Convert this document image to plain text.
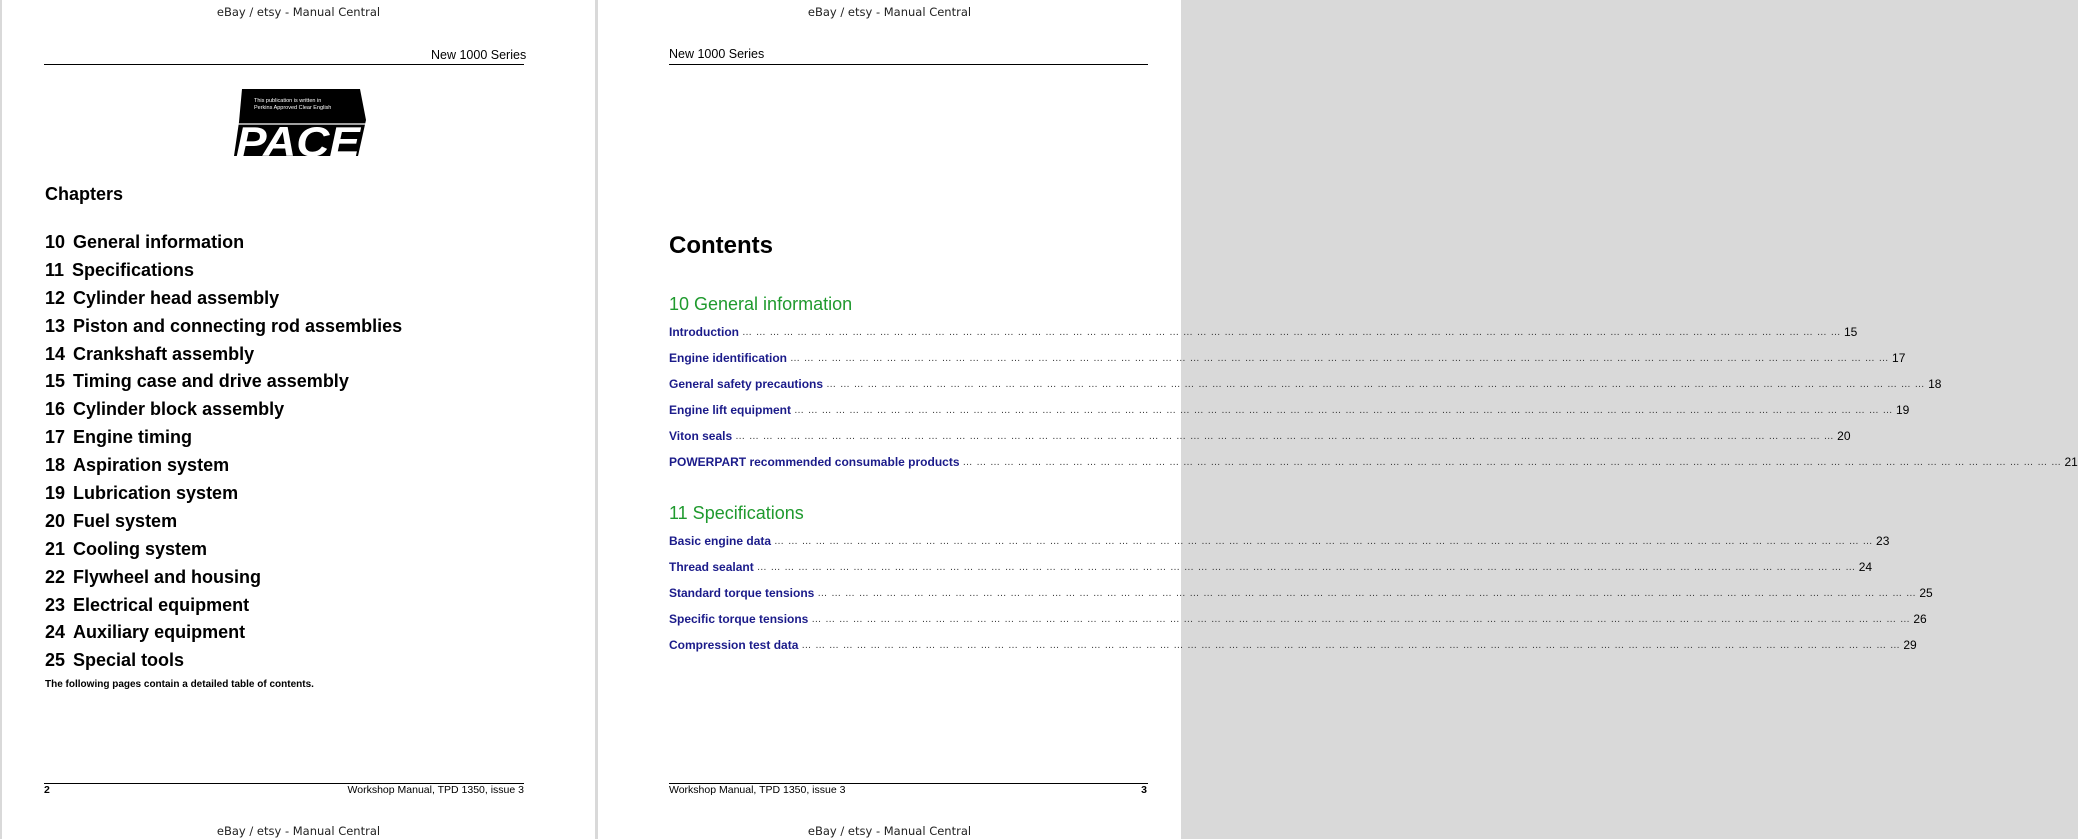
eBay / etsy - Manual Central
New 1000 Series
This publication is written in
Perkins Approved Clear English
PACE
Chapters
10 General information
11 Specifications
12 Cylinder head assembly
13 Piston and connecting rod assemblies
14 Crankshaft assembly
15 Timing case and drive assembly
16 Cylinder block assembly
17 Engine timing
18 Aspiration system
19 Lubrication system
20 Fuel system
21 Cooling system
22 Flywheel and housing
23 Electrical equipment
24 Auxiliary equipment
25 Special tools
The following pages contain a detailed table of contents.
2	Workshop Manual, TPD 1350, issue 3
eBay / etsy - Manual Central
eBay / etsy - Manual Central
New 1000 Series
Contents
10 General information
Introduction … … … … … … … … … … … … … … … … … … … … … … … … … … … … … … … … … … … … … … … … … … … … … … … … … … … … … … … … … … … … … … … … … … … … … … … … … … … … … … … … 15
Engine identification … … … … … … … … … … … … … … … … … … … … … … … … … … … … … … … … … … … … … … … … … … … … … … … … … … … … … … … … … … … … … … … … … … … … … … … … … … … … … … … … 17
General safety precautions … … … … … … … … … … … … … … … … … … … … … … … … … … … … … … … … … … … … … … … … … … … … … … … … … … … … … … … … … … … … … … … … … … … … … … … … … … … … … … … … 18
Engine lift equipment … … … … … … … … … … … … … … … … … … … … … … … … … … … … … … … … … … … … … … … … … … … … … … … … … … … … … … … … … … … … … … … … … … … … … … … … … … … … … … … … 19
Viton seals … … … … … … … … … … … … … … … … … … … … … … … … … … … … … … … … … … … … … … … … … … … … … … … … … … … … … … … … … … … … … … … … … … … … … … … … … … … … … … … … 20
POWERPART recommended consumable products … … … … … … … … … … … … … … … … … … … … … … … … … … … … … … … … … … … … … … … … … … … … … … … … … … … … … … … … … … … … … … … … … … … … … … … … … … … … … … … … 21
11 Specifications
Basic engine data … … … … … … … … … … … … … … … … … … … … … … … … … … … … … … … … … … … … … … … … … … … … … … … … … … … … … … … … … … … … … … … … … … … … … … … … … … … … … … … … 23
Thread sealant … … … … … … … … … … … … … … … … … … … … … … … … … … … … … … … … … … … … … … … … … … … … … … … … … … … … … … … … … … … … … … … … … … … … … … … … … … … … … … … … 24
Standard torque tensions … … … … … … … … … … … … … … … … … … … … … … … … … … … … … … … … … … … … … … … … … … … … … … … … … … … … … … … … … … … … … … … … … … … … … … … … … … … … … … … … 25
Specific torque tensions … … … … … … … … … … … … … … … … … … … … … … … … … … … … … … … … … … … … … … … … … … … … … … … … … … … … … … … … … … … … … … … … … … … … … … … … … … … … … … … … 26
Compression test data … … … … … … … … … … … … … … … … … … … … … … … … … … … … … … … … … … … … … … … … … … … … … … … … … … … … … … … … … … … … … … … … … … … … … … … … … … … … … … … … 29
Workshop Manual, TPD 1350, issue 3	3
eBay / etsy - Manual Central
